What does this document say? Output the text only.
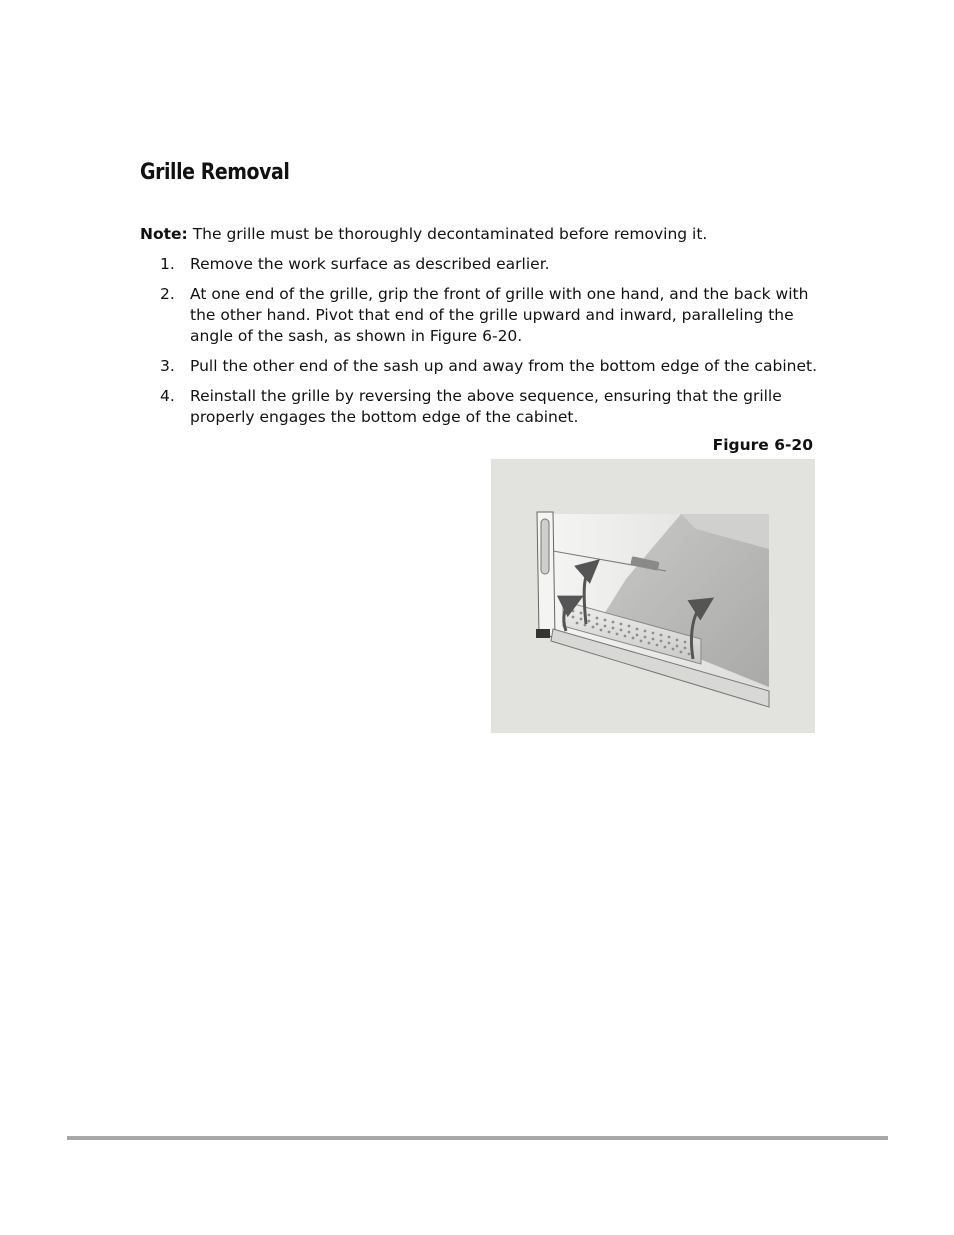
Grille Removal

Note: The grille must be thoroughly decontaminated before removing it.

1. Remove the work surface as described earlier.
2. At one end of the grille, grip the front of grille with one hand, and the back with the other hand. Pivot that end of the grille upward and inward, paralleling the angle of the sash, as shown in Figure 6-20.
3. Pull the other end of the sash up and away from the bottom edge of the cabinet.
4. Reinstall the grille by reversing the above sequence, ensuring that the grille properly engages the bottom edge of the cabinet.
Figure 6-20
